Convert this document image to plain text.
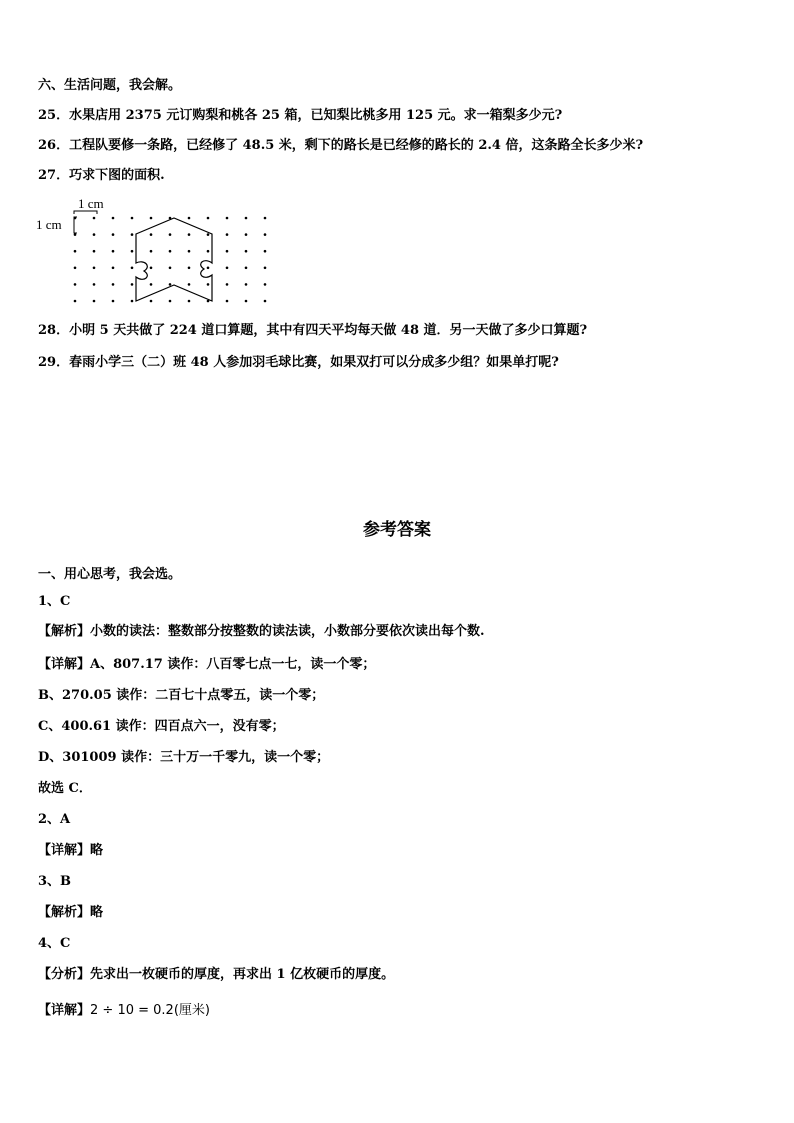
六、生活问题，我会解。
25．水果店用 2375 元订购梨和桃各 25 箱，已知梨比桃多用 125 元。求一箱梨多少元?
26．工程队要修一条路，已经修了 48.5 米，剩下的路长是已经修的路长的 2.4 倍，这条路全长多少米?
27．巧求下图的面积.
1 cm
1 cm
28．小明 5 天共做了 224 道口算题，其中有四天平均每天做 48 道．另一天做了多少口算题?
29．春雨小学三（二）班 48 人参加羽毛球比赛，如果双打可以分成多少组？如果单打呢?
参考答案
一、用心思考，我会选。
1、C
【解析】小数的读法：整数部分按整数的读法读，小数部分要依次读出每个数.
【详解】A、807.17 读作：八百零七点一七，读一个零；
B、270.05 读作：二百七十点零五，读一个零；
C、400.61 读作：四百点六一，没有零；
D、301009 读作：三十万一千零九，读一个零；
故选 C．
2、A
【详解】略
3、B
【解析】略
4、C
【分析】先求出一枚硬币的厚度，再求出 1 亿枚硬币的厚度。
【详解】2 ÷ 10 = 0.2(厘米)
